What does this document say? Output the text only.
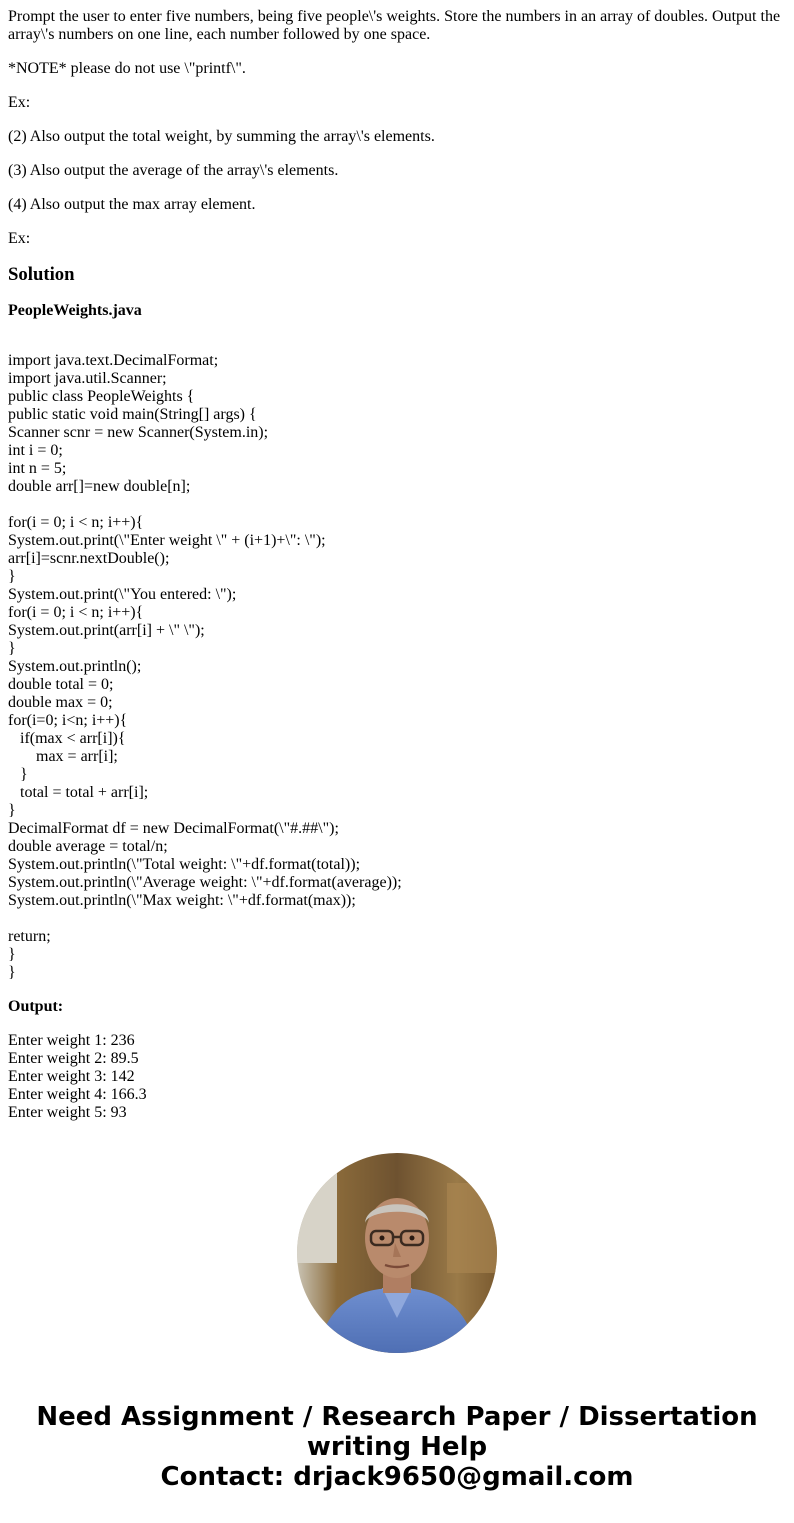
Prompt the user to enter five numbers, being five people\'s weights. Store the numbers in an array of doubles. Output the array\'s numbers on one line, each number followed by one space.

*NOTE* please do not use \"printf\".

Ex:

(2) Also output the total weight, by summing the array\'s elements.

(3) Also output the average of the array\'s elements.

(4) Also output the max array element.

Ex:

Solution
PeopleWeights.java
import java.text.DecimalFormat;
import java.util.Scanner;
public class PeopleWeights {
public static void main(String[] args) {
Scanner scnr = new Scanner(System.in);
int i = 0;
int n = 5;
double arr[]=new double[n];
for(i = 0; i < n; i++){
System.out.print(\"Enter weight \" + (i+1)+\": \");
arr[i]=scnr.nextDouble();
}
System.out.print(\"You entered: \");
for(i = 0; i < n; i++){
System.out.print(arr[i] + \" \");
}
System.out.println();
double total = 0;
double max = 0;
for(i=0; i<n; i++){
if(max < arr[i]){
max = arr[i];
}
total = total + arr[i];
}
DecimalFormat df = new DecimalFormat(\"#.##\");
double average = total/n;
System.out.println(\"Total weight: \"+df.format(total));
System.out.println(\"Average weight: \"+df.format(average));
System.out.println(\"Max weight: \"+df.format(max));
return;
}
}
Output:
Enter weight 1: 236
Enter weight 2: 89.5
Enter weight 3: 142
Enter weight 4: 166.3
Enter weight 5: 93
Need Assignment / Research Paper / Dissertation
writing Help
Contact: drjack9650@gmail.com
